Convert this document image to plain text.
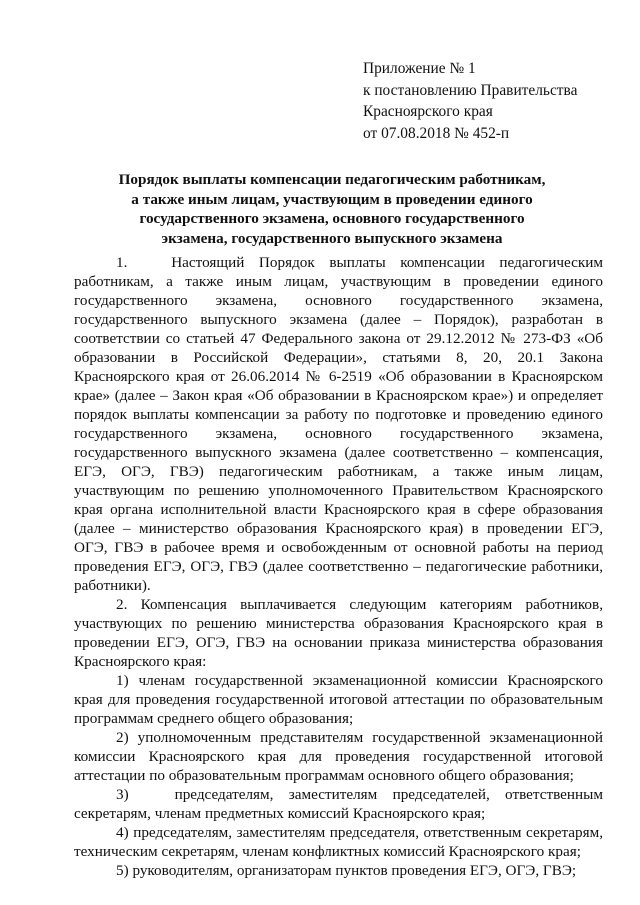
Приложение № 1
к постановлению Правительства
Красноярского края
от 07.08.2018 № 452-п
Порядок выплаты компенсации педагогическим работникам,
а также иным лицам, участвующим в проведении единого
государственного экзамена, основного государственного
экзамена, государственного выпускного экзамена

1.   Настоящий Порядок выплаты компенсации педагогическим работникам, а также иным лицам, участвующим в проведении единого государственного экзамена, основного государственного экзамена, государственного выпускного экзамена (далее – Порядок), разработан в соответствии со статьей 47 Федерального закона от 29.12.2012 № 273-ФЗ «Об образовании в Российской Федерации», статьями 8, 20, 20.1 Закона Красноярского края от 26.06.2014 № 6-2519 «Об образовании в Красноярском крае» (далее – Закон края «Об образовании в Красноярском крае») и определяет порядок выплаты компенсации за работу по подготовке и проведению единого государственного экзамена, основного государственного экзамена, государственного выпускного экзамена (далее соответственно – компенсация, ЕГЭ, ОГЭ, ГВЭ) педагогическим работникам, а также иным лицам, участвующим по решению уполномоченного Правительством Красноярского края органа исполнительной власти Красноярского края в сфере образования (далее – министерство образования Красноярского края) в проведении ЕГЭ, ОГЭ, ГВЭ в рабочее время и освобожденным от основной работы на период проведения ЕГЭ, ОГЭ, ГВЭ (далее соответственно – педагогические работники, работники).

2. Компенсация выплачивается следующим категориям работников, участвующих по решению министерства образования Красноярского края в проведении ЕГЭ, ОГЭ, ГВЭ на основании приказа министерства образования Красноярского края:

1) членам государственной экзаменационной комиссии Красноярского края для проведения государственной итоговой аттестации по образовательным программам среднего общего образования;

2) уполномоченным представителям государственной экзаменационной комиссии Красноярского края для проведения государственной итоговой аттестации по образовательным программам основного общего образования;

3)   председателям, заместителям председателей, ответственным секретарям, членам предметных комиссий Красноярского края;

4) председателям, заместителям председателя, ответственным секретарям, техническим секретарям, членам конфликтных комиссий Красноярского края;

5) руководителям, организаторам пунктов проведения ЕГЭ, ОГЭ, ГВЭ;
